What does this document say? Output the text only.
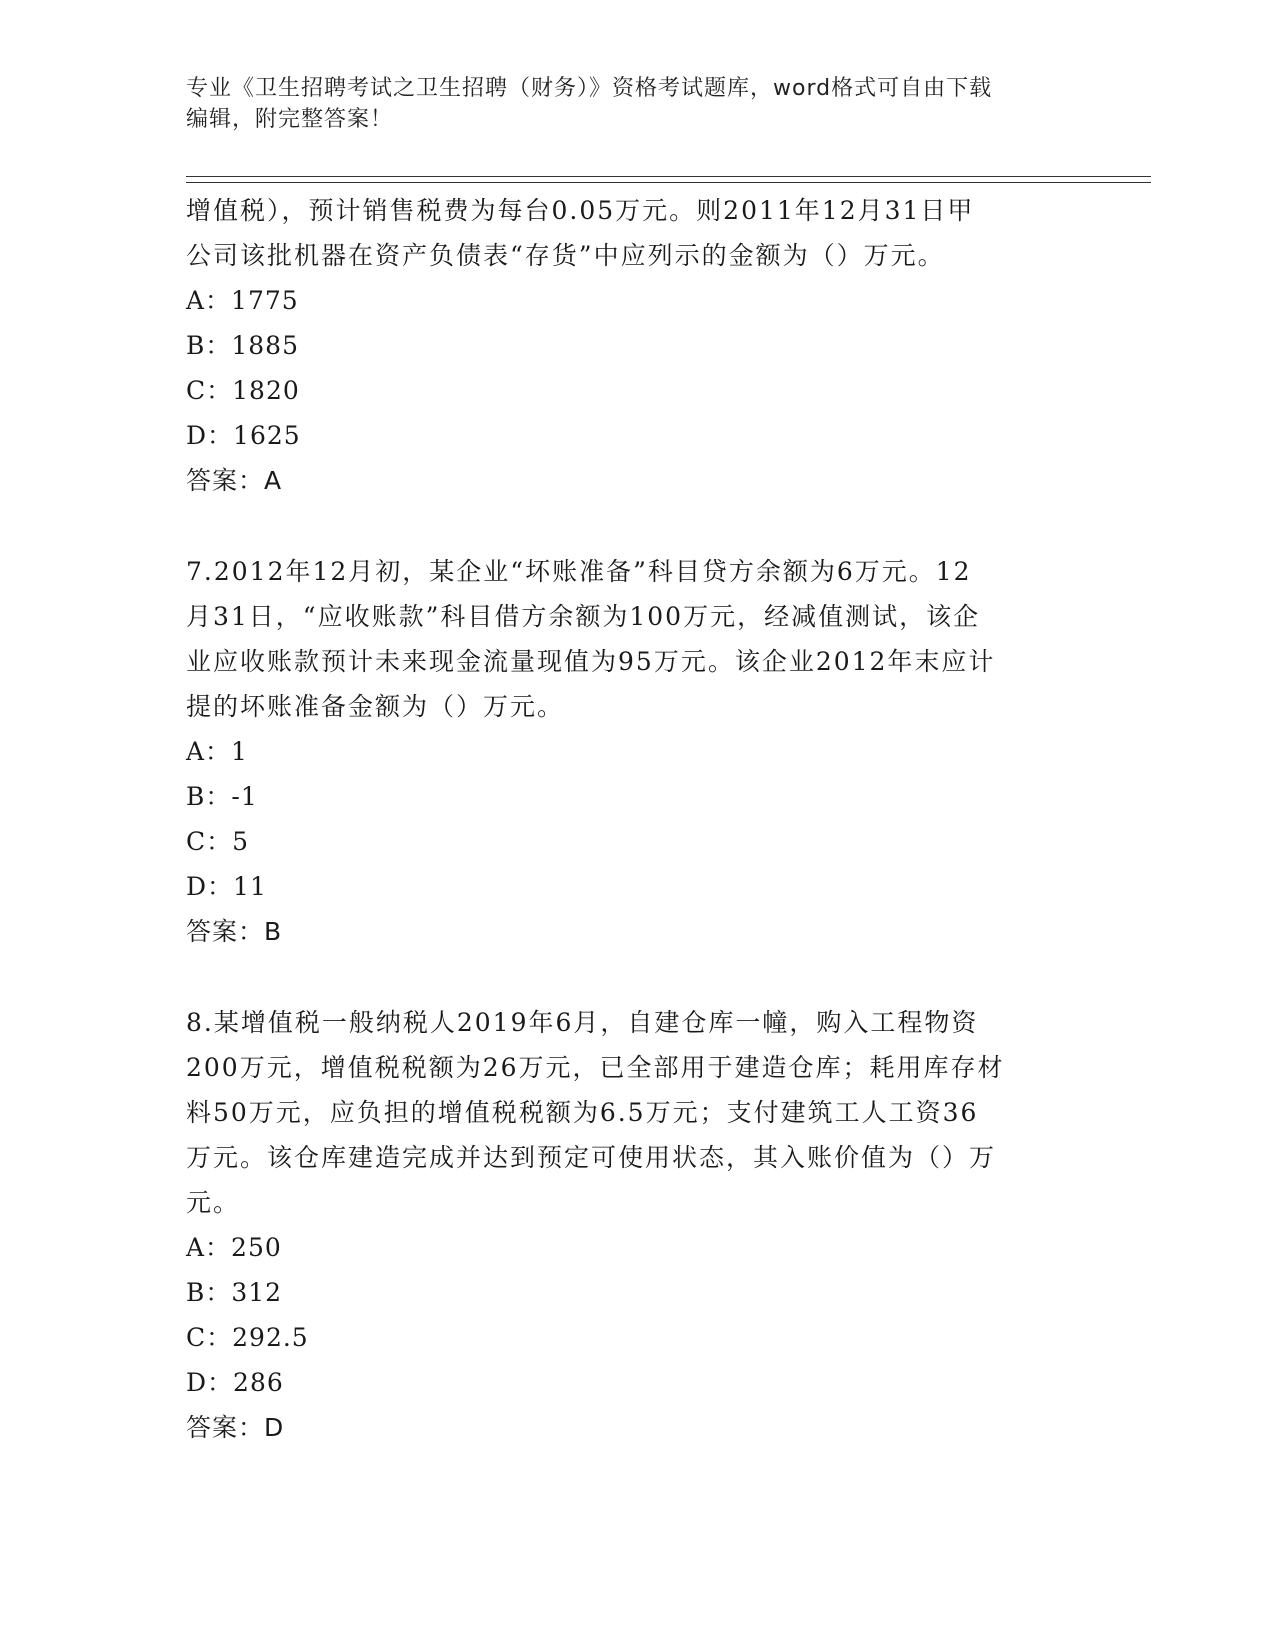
专业《卫生招聘考试之卫生招聘（财务）》资格考试题库，word格式可自由下载
编辑，附完整答案！

增值税），预计销售税费为每台0.05万元。则2011年12月31日甲

公司该批机器在资产负债表“存货”中应列示的金额为（）万元。

A：1775

B：1885

C：1820

D：1625

答案：A

7.2012年12月初，某企业“坏账准备”科目贷方余额为6万元。12

月31日，“应收账款”科目借方余额为100万元，经减值测试，该企

业应收账款预计未来现金流量现值为95万元。该企业2012年末应计

提的坏账准备金额为（）万元。

A：1

B：-1

C：5

D：11

答案：B

8.某增值税一般纳税人2019年6月，自建仓库一幢，购入工程物资

200万元，增值税税额为26万元，已全部用于建造仓库；耗用库存材

料50万元，应负担的增值税税额为6.5万元；支付建筑工人工资36

万元。该仓库建造完成并达到预定可使用状态，其入账价值为（）万

元。

A：250

B：312

C：292.5

D：286

答案：D
